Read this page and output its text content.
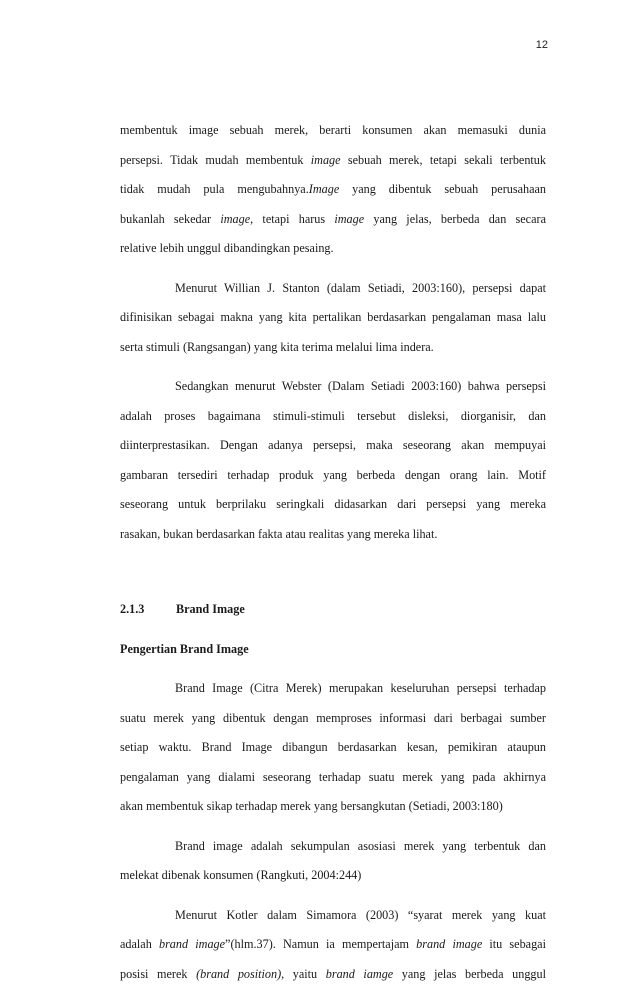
12
membentuk image sebuah merek, berarti konsumen akan memasuki dunia
persepsi. Tidak mudah membentuk image sebuah merek, tetapi sekali terbentuk
tidak mudah pula mengubahnya.Image yang dibentuk sebuah perusahaan
bukanlah sekedar image, tetapi harus image yang jelas, berbeda dan secara
relative lebih unggul dibandingkan pesaing.
Menurut Willian J. Stanton (dalam Setiadi, 2003:160), persepsi dapat
difinisikan sebagai makna yang kita pertalikan berdasarkan pengalaman masa lalu
serta stimuli (Rangsangan) yang kita terima melalui lima indera.
Sedangkan menurut Webster (Dalam Setiadi 2003:160) bahwa persepsi
adalah proses bagaimana stimuli-stimuli tersebut disleksi, diorganisir, dan
diinterprestasikan. Dengan adanya persepsi, maka seseorang akan mempuyai
gambaran tersediri terhadap produk yang berbeda dengan orang lain. Motif
seseorang untuk berprilaku seringkali didasarkan dari persepsi yang mereka
rasakan, bukan berdasarkan fakta atau realitas yang mereka lihat.

2.1.3	Brand Image

Pengertian Brand Image

Brand Image (Citra Merek) merupakan keseluruhan persepsi terhadap
suatu merek yang dibentuk dengan memproses informasi dari berbagai sumber
setiap waktu. Brand Image dibangun berdasarkan kesan, pemikiran ataupun
pengalaman yang dialami seseorang terhadap suatu merek yang pada akhirnya
akan membentuk sikap terhadap merek yang bersangkutan (Setiadi, 2003:180)
Brand image adalah sekumpulan asosiasi merek yang terbentuk dan
melekat dibenak konsumen (Rangkuti, 2004:244)
Menurut Kotler dalam Simamora (2003) “syarat merek yang kuat
adalah brand image”(hlm.37). Namun ia mempertajam brand image itu sebagai
posisi merek (brand position), yaitu brand iamge yang jelas berbeda unggul
